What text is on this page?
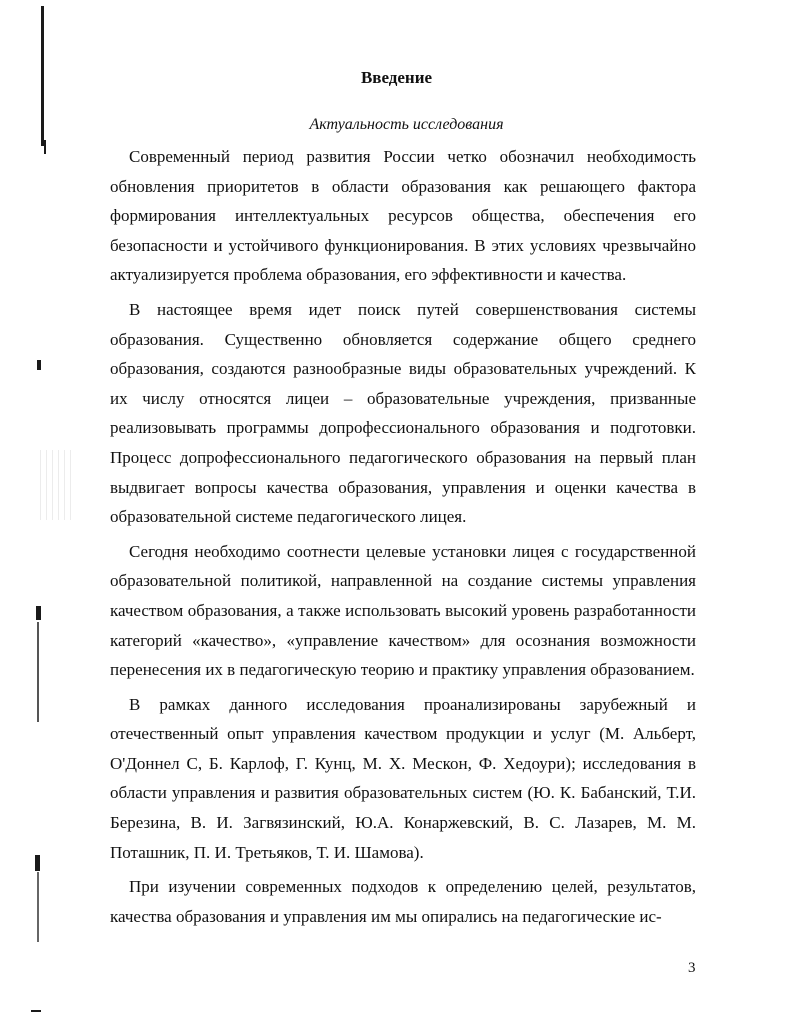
Введение
Актуальность исследования

Современный период развития России четко обозначил необходимость обновления приоритетов в области образования как решающего фактора формирования интеллектуальных ресурсов общества, обеспечения его безопасности и устойчивого функционирования. В этих условиях чрезвычайно актуализируется проблема образования, его эффективности и качества.

В настоящее время идет поиск путей совершенствования системы образования. Существенно обновляется содержание общего среднего образования, создаются разнообразные виды образовательных учреждений. К их числу относятся лицеи – образовательные учреждения, призванные реализовывать программы допрофессионального образования и подготовки. Процесс допрофессионального педагогического образования на первый план выдвигает вопросы качества образования, управления и оценки качества в образовательной системе педагогического лицея.

Сегодня необходимо соотнести целевые установки лицея с государственной образовательной политикой, направленной на создание системы управления качеством образования, а также использовать высокий уровень разработанности категорий «качество», «управление качеством» для осознания возможности перенесения их в педагогическую теорию и практику управления образованием.

В рамках данного исследования проанализированы зарубежный и отечественный опыт управления качеством продукции и услуг (М. Альберт, О'Доннел С, Б. Карлоф, Г. Кунц, М. Х. Мескон, Ф. Хедоури); исследования в области управления и развития образовательных систем (Ю. К. Бабанский, Т.И. Березина, В. И. Загвязинский, Ю.А. Конаржевский, В. С. Лазарев, М. М. Поташник, П. И. Третьяков, Т. И. Шамова).

При изучении современных подходов к определению целей, результатов, качества образования и управления им мы опирались на педагогические ис-

3
